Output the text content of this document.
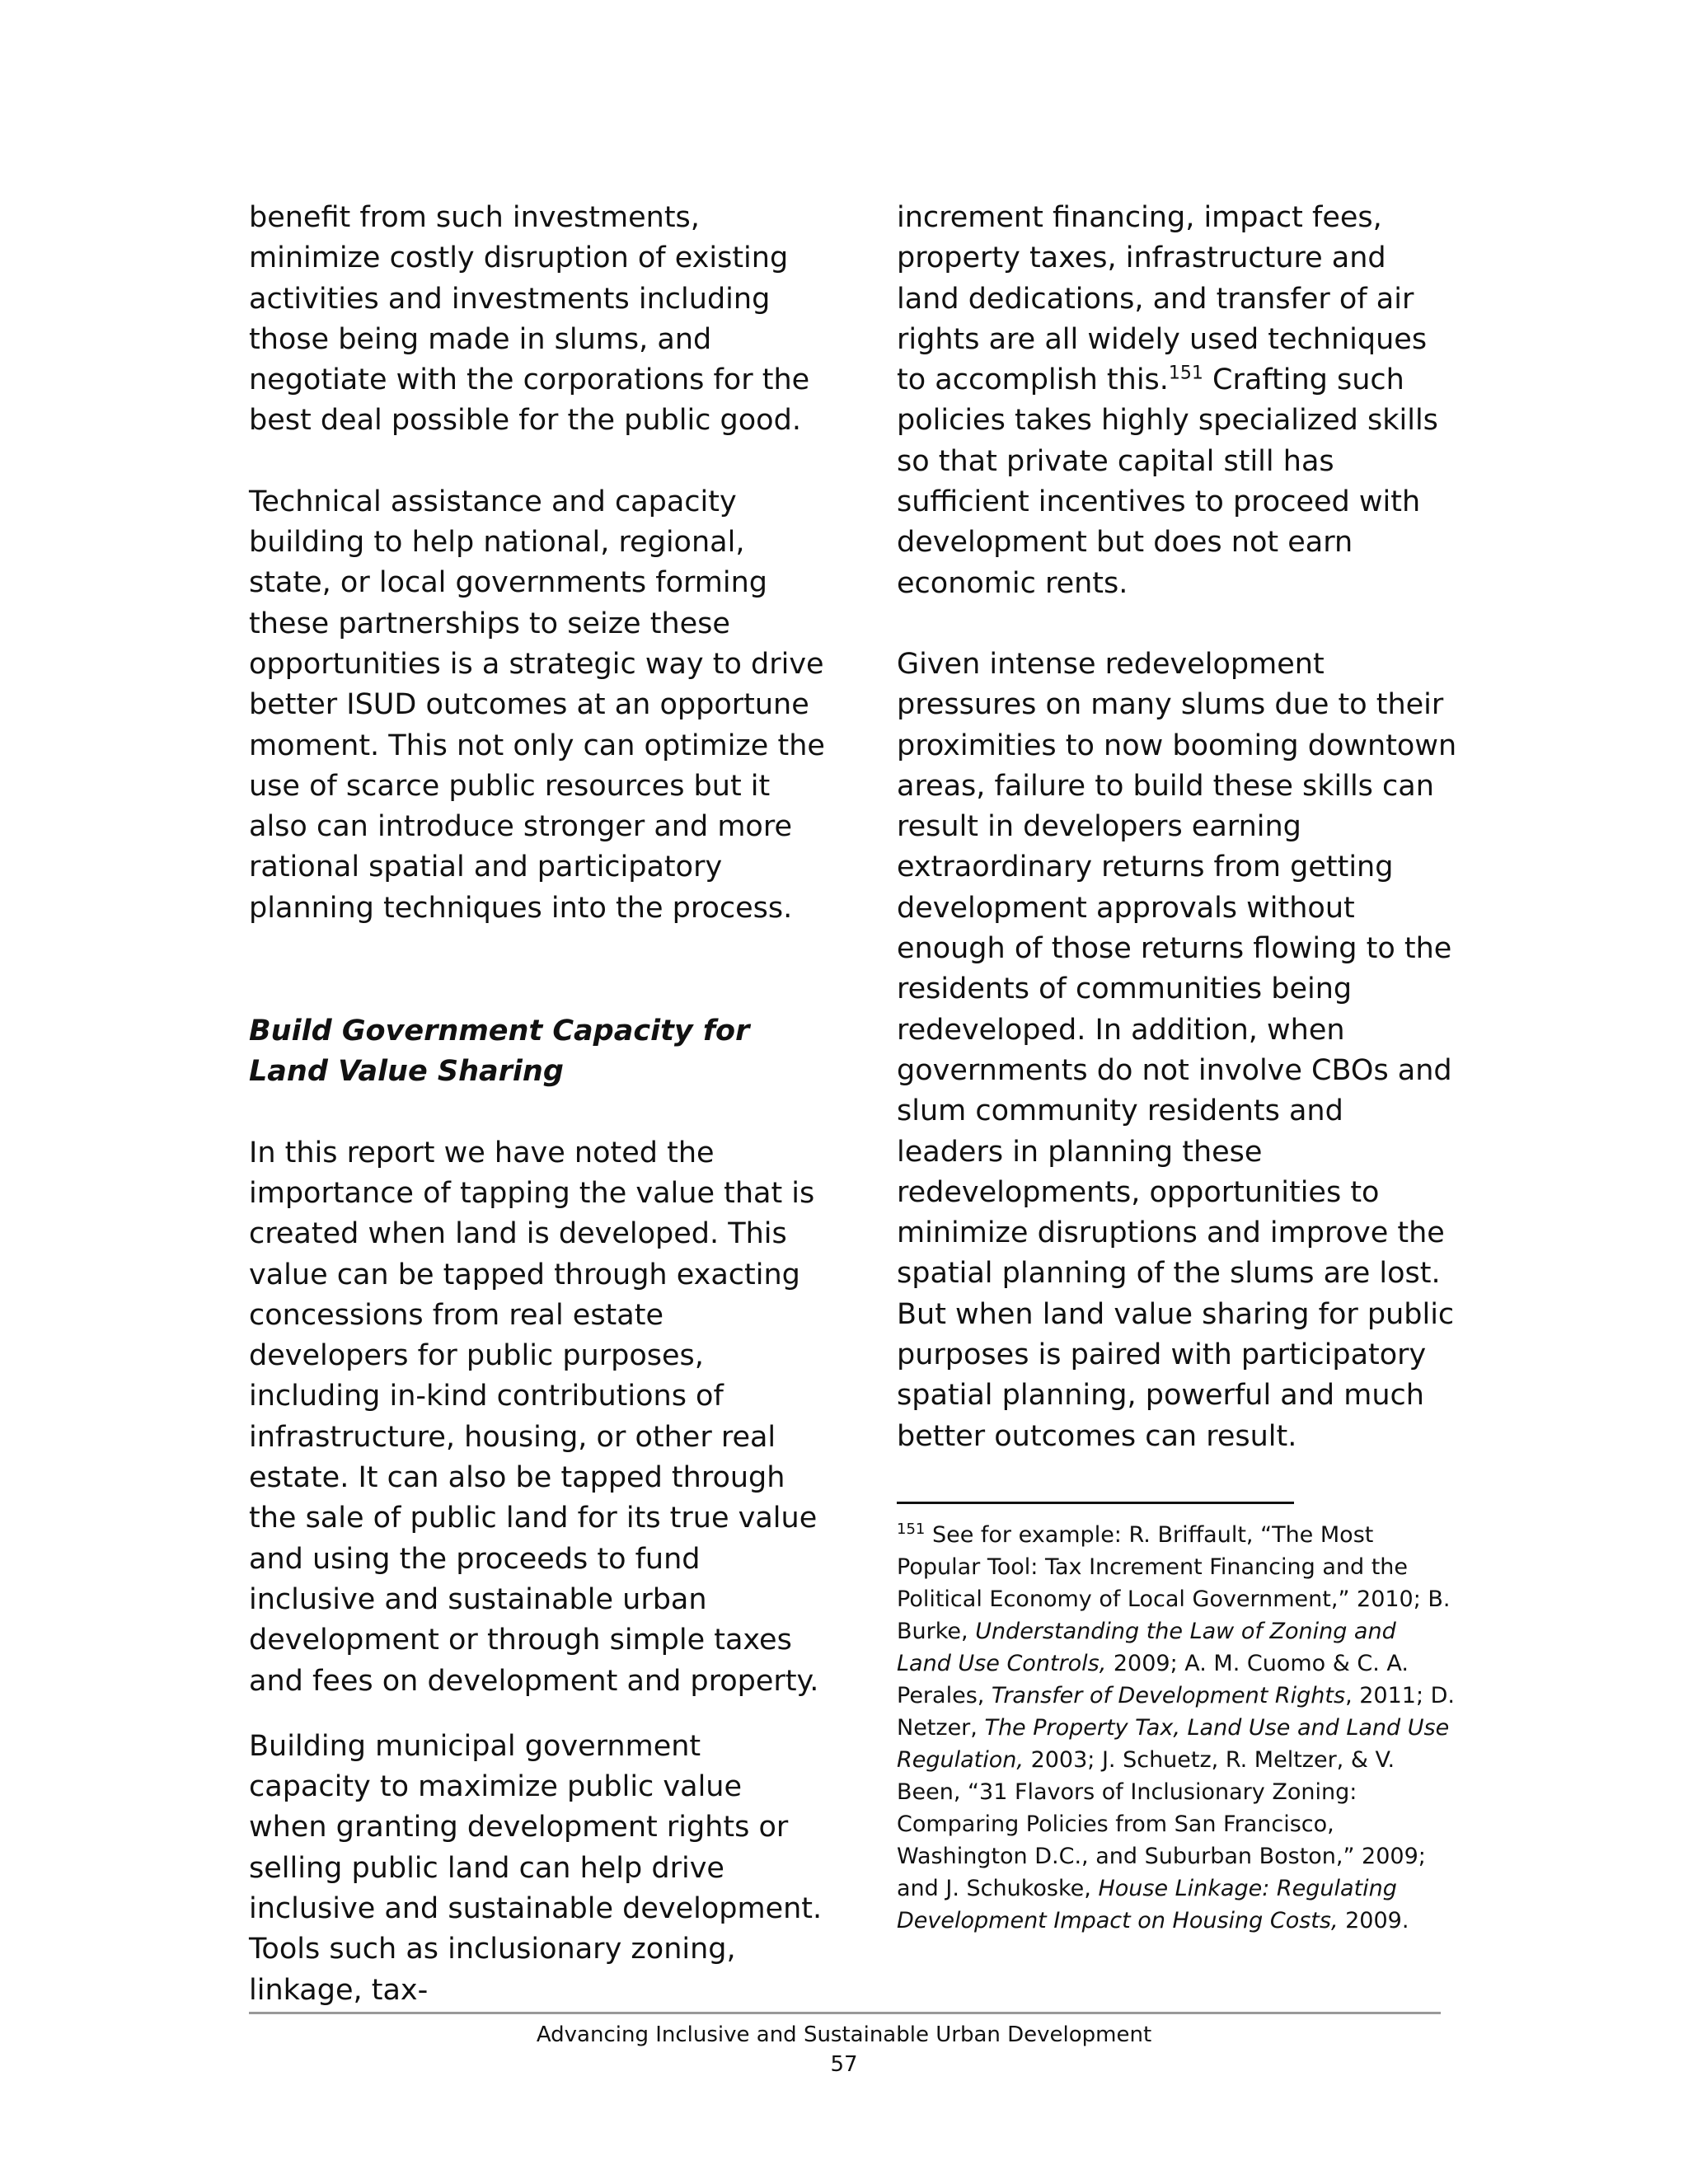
benefit from such investments, minimize costly disruption of existing activities and investments including those being made in slums, and negotiate with the corporations for the best deal possible for the public good.

Technical assistance and capacity building to help national, regional, state, or local governments forming these partnerships to seize these opportunities is a strategic way to drive better ISUD outcomes at an opportune moment. This not only can optimize the use of scarce public resources but it also can introduce stronger and more rational spatial and participatory planning techniques into the process.

Build Government Capacity for Land Value Sharing

In this report we have noted the importance of tapping the value that is created when land is developed. This value can be tapped through exacting concessions from real estate developers for public purposes, including in-kind contributions of infrastructure, housing, or other real estate. It can also be tapped through the sale of public land for its true value and using the proceeds to fund inclusive and sustainable urban development or through simple taxes and fees on development and property.

Building municipal government capacity to maximize public value when granting development rights or selling public land can help drive inclusive and sustainable development. Tools such as inclusionary zoning, linkage, tax-

increment financing, impact fees, property taxes, infrastructure and land dedications, and transfer of air rights are all widely used techniques to accomplish this.$^{151}$ Crafting such policies takes highly specialized skills so that private capital still has sufficient incentives to proceed with development but does not earn economic rents.

Given intense redevelopment pressures on many slums due to their proximities to now booming downtown areas, failure to build these skills can result in developers earning extraordinary returns from getting development approvals without enough of those returns flowing to the residents of communities being redeveloped. In addition, when governments do not involve CBOs and slum community residents and leaders in planning these redevelopments, opportunities to minimize disruptions and improve the spatial planning of the slums are lost. But when land value sharing for public purposes is paired with participatory spatial planning, powerful and much better outcomes can result.

$^{151}$ See for example: R. Briffault, “The Most Popular Tool: Tax Increment Financing and the Political Economy of Local Government,” 2010; B. Burke, Understanding the Law of Zoning and Land Use Controls, 2009; A. M. Cuomo & C. A. Perales, Transfer of Development Rights, 2011; D. Netzer, The Property Tax, Land Use and Land Use Regulation, 2003; J. Schuetz, R. Meltzer, & V. Been, “31 Flavors of Inclusionary Zoning: Comparing Policies from San Francisco, Washington D.C., and Suburban Boston,” 2009; and J. Schukoske, House Linkage: Regulating Development Impact on Housing Costs, 2009.

Advancing Inclusive and Sustainable Urban Development
57
